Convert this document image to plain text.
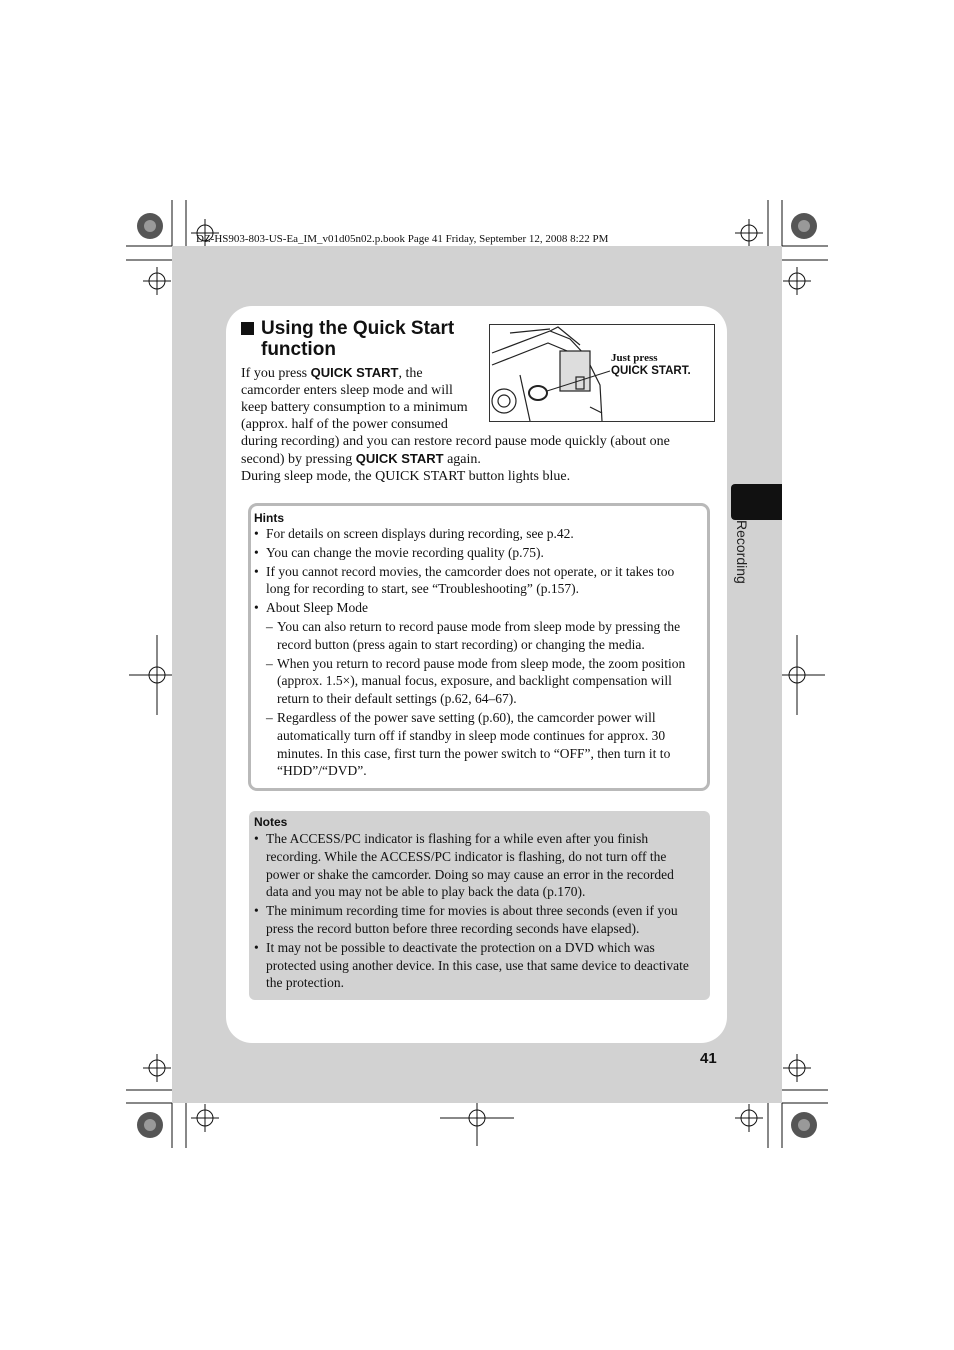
DZ-HS903-803-US-Ea_IM_v01d05n02.p.book Page 41 Friday, September 12, 2008 8:22 PM
Recording
Using the Quick Start
function	Just press
QUICK START.
If you press QUICK START, the camcorder enters sleep mode and will keep battery consumption to a minimum (approx. half of the power consumed during recording) and you can restore record pause mode quickly (about one second) by pressing QUICK START again.
During sleep mode, the QUICK START button lights blue.
Hints
• For details on screen displays during recording, see p.42.
• You can change the movie recording quality (p.75).
• If you cannot record movies, the camcorder does not operate, or it takes too long for recording to start, see “Troubleshooting” (p.157).
• About Sleep Mode
– You can also return to record pause mode from sleep mode by pressing the record button (press again to start recording) or changing the media.
– When you return to record pause mode from sleep mode, the zoom position (approx. 1.5×), manual focus, exposure, and backlight compensation will return to their default settings (p.62, 64–67).
– Regardless of the power save setting (p.60), the camcorder power will automatically turn off if standby in sleep mode continues for approx. 30 minutes. In this case, first turn the power switch to “OFF”, then turn it to “HDD”/“DVD”.
Notes
• The ACCESS/PC indicator is flashing for a while even after you finish recording. While the ACCESS/PC indicator is flashing, do not turn off the power or shake the camcorder. Doing so may cause an error in the recorded data and you may not be able to play back the data (p.170).
• The minimum recording time for movies is about three seconds (even if you press the record button before three recording seconds have elapsed).
• It may not be possible to deactivate the protection on a DVD which was protected using another device. In this case, use that same device to deactivate the protection.
41
